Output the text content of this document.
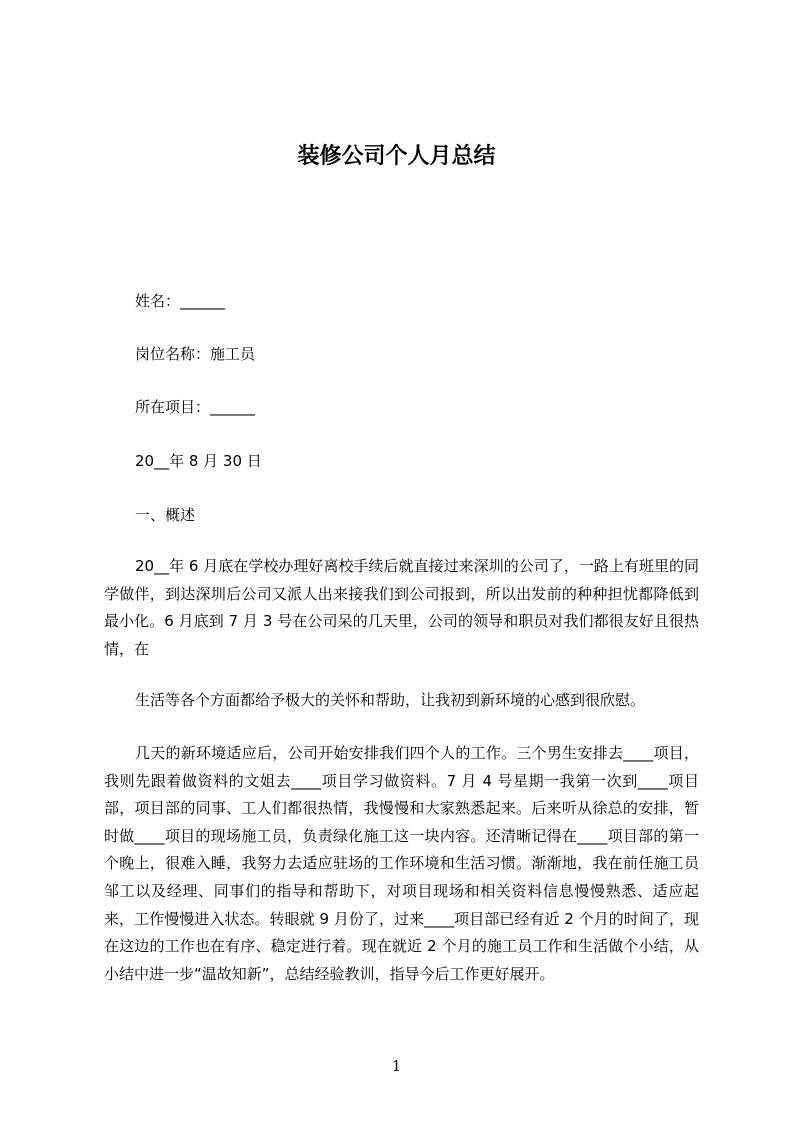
装修公司个人月总结

姓名：______

岗位名称：施工员

所在项目：______

20__年 8 月 30 日

一、概述

20__年 6 月底在学校办理好离校手续后就直接过来深圳的公司了，一路上有班里的同学做伴，到达深圳后公司又派人出来接我们到公司报到，所以出发前的种种担忧都降低到最小化。6 月底到 7 月 3 号在公司呆的几天里，公司的领导和职员对我们都很友好且很热情，在

生活等各个方面都给予极大的关怀和帮助，让我初到新环境的心感到很欣慰。

几天的新环境适应后，公司开始安排我们四个人的工作。三个男生安排去____项目，我则先跟着做资料的文姐去____项目学习做资料。7 月 4 号星期一我第一次到____项目部，项目部的同事、工人们都很热情，我慢慢和大家熟悉起来。后来听从徐总的安排，暂时做____项目的现场施工员，负责绿化施工这一块内容。还清晰记得在____项目部的第一个晚上，很难入睡，我努力去适应驻场的工作环境和生活习惯。渐渐地，我在前任施工员邹工以及经理、同事们的指导和帮助下，对项目现场和相关资料信息慢慢熟悉、适应起来，工作慢慢进入状态。转眼就 9 月份了，过来____项目部已经有近 2 个月的时间了，现在这边的工作也在有序、稳定进行着。现在就近 2 个月的施工员工作和生活做个小结，从小结中进一步“温故知新”，总结经验教训，指导今后工作更好展开。

1
